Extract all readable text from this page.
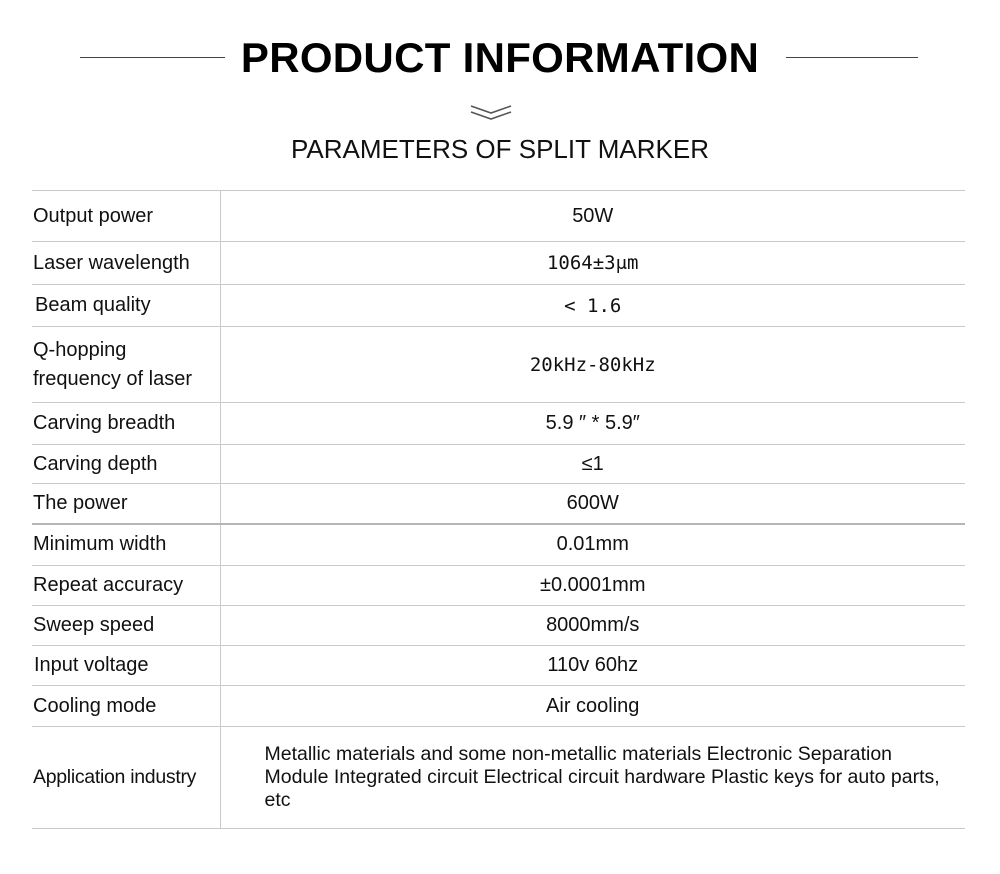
PRODUCT INFORMATION
PARAMETERS OF SPLIT MARKER
Output power	50W
Laser wavelength	1064±3μm
Beam quality	< 1.6
Q-hopping frequency of laser	20kHz-80kHz
Carving breadth	5.9 ″ * 5.9″
Carving depth	≤1
The power	600W
Minimum width	0.01mm
Repeat accuracy	±0.0001mm
Sweep speed	8000mm/s
Input voltage	110v 60hz
Cooling mode	Air cooling
Application industry	Metallic materials and some non-metallic materials Electronic Separation Module Integrated circuit Electrical circuit hardware Plastic keys for auto parts, etc
